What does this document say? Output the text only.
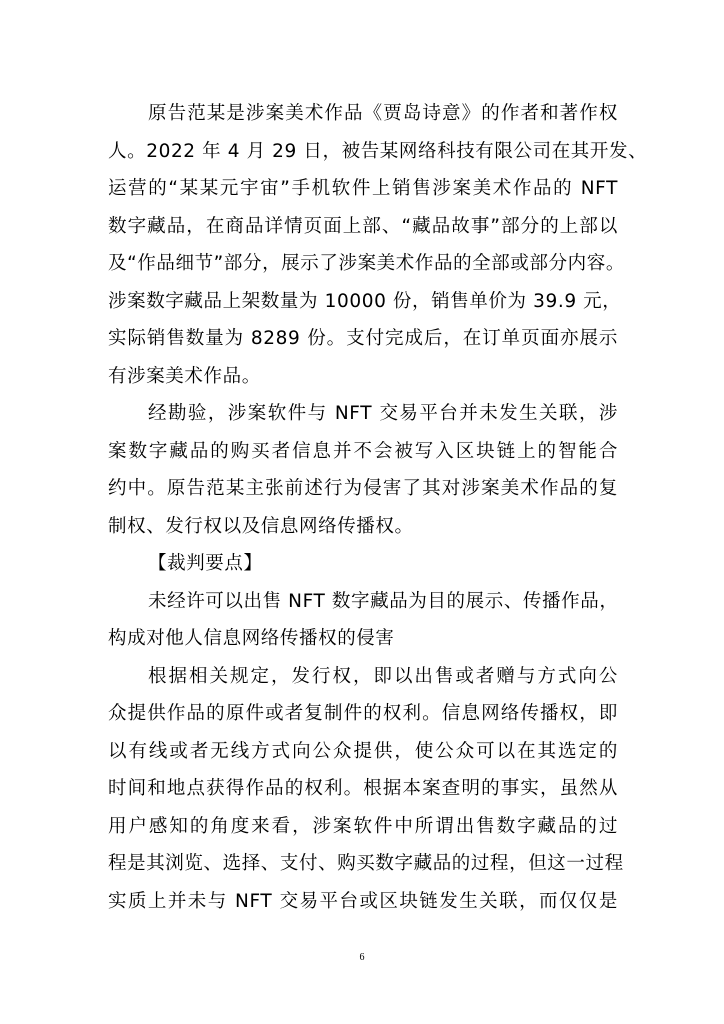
原告范某是涉案美术作品《贾岛诗意》的作者和著作权
人。2022 年 4 月 29 日，被告某网络科技有限公司在其开发、
运营的“某某元宇宙”手机软件上销售涉案美术作品的 NFT
数字藏品，在商品详情页面上部、“藏品故事”部分的上部以
及“作品细节”部分，展示了涉案美术作品的全部或部分内容。
涉案数字藏品上架数量为 10000 份，销售单价为 39.9 元，
实际销售数量为 8289 份。支付完成后，在订单页面亦展示
有涉案美术作品。
经勘验，涉案软件与 NFT 交易平台并未发生关联，涉
案数字藏品的购买者信息并不会被写入区块链上的智能合
约中。原告范某主张前述行为侵害了其对涉案美术作品的复
制权、发行权以及信息网络传播权。
【裁判要点】
未经许可以出售 NFT 数字藏品为目的展示、传播作品，
构成对他人信息网络传播权的侵害
根据相关规定，发行权，即以出售或者赠与方式向公
众提供作品的原件或者复制件的权利。信息网络传播权，即
以有线或者无线方式向公众提供，使公众可以在其选定的
时间和地点获得作品的权利。根据本案查明的事实，虽然从
用户感知的角度来看，涉案软件中所谓出售数字藏品的过
程是其浏览、选择、支付、购买数字藏品的过程，但这一过程
实质上并未与 NFT 交易平台或区块链发生关联，而仅仅是
6
